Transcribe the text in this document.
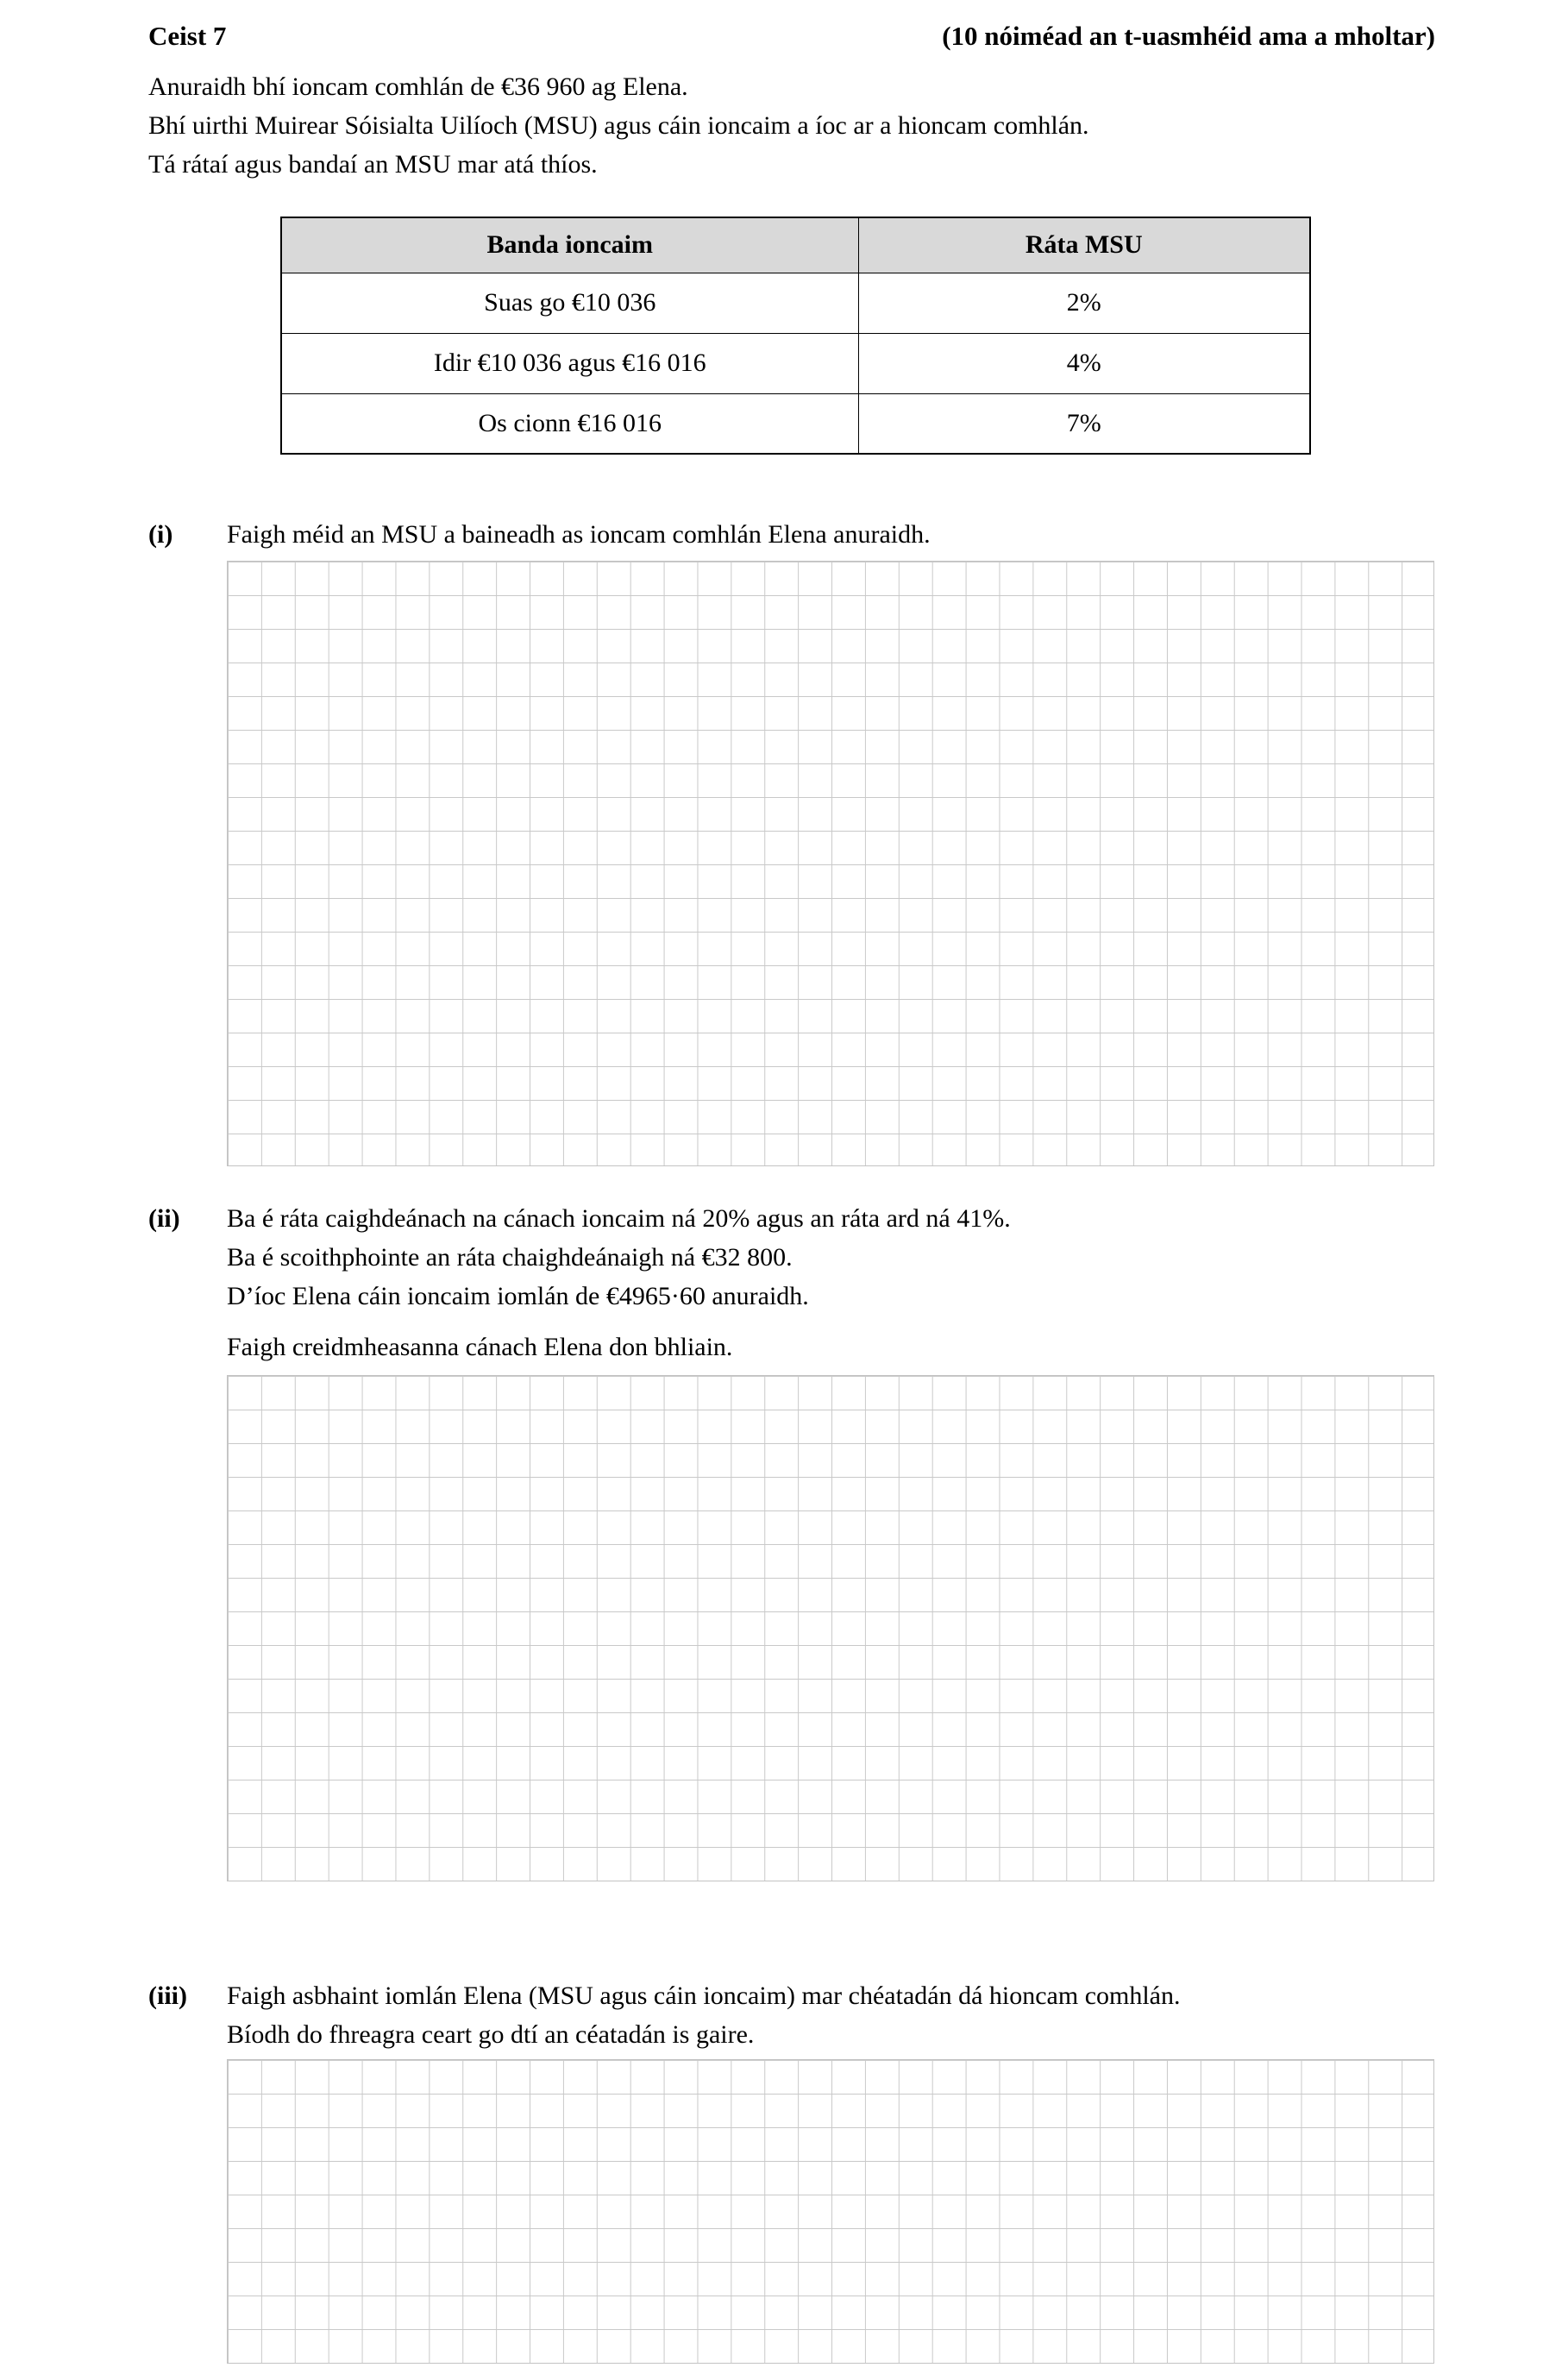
Ceist 7	(10 nóiméad an t-uasmhéid ama a mholtar)
Anuraidh bhí ioncam comhlán de €36 960 ag Elena.
Bhí uirthi Muirear Sóisialta Uilíoch (MSU) agus cáin ioncaim a íoc ar a hioncam comhlán.
Tá rátaí agus bandaí an MSU mar atá thíos.
Banda ioncaim	Ráta MSU
Suas go €10 036	2%
Idir €10 036 agus €16 016	4%
Os cionn €16 016	7%
(i)	Faigh méid an MSU a baineadh as ioncam comhlán Elena anuraidh.
(ii)	Ba é ráta caighdeánach na cánach ioncaim ná 20% agus an ráta ard ná 41%.
Ba é scoithphointe an ráta chaighdeánaigh ná €32 800.
D’íoc Elena cáin ioncaim iomlán de €4965·60 anuraidh.
Faigh creidmheasanna cánach Elena don bhliain.
(iii)	Faigh asbhaint iomlán Elena (MSU agus cáin ioncaim) mar chéatadán dá hioncam comhlán.
Bíodh do fhreagra ceart go dtí an céatadán is gaire.
